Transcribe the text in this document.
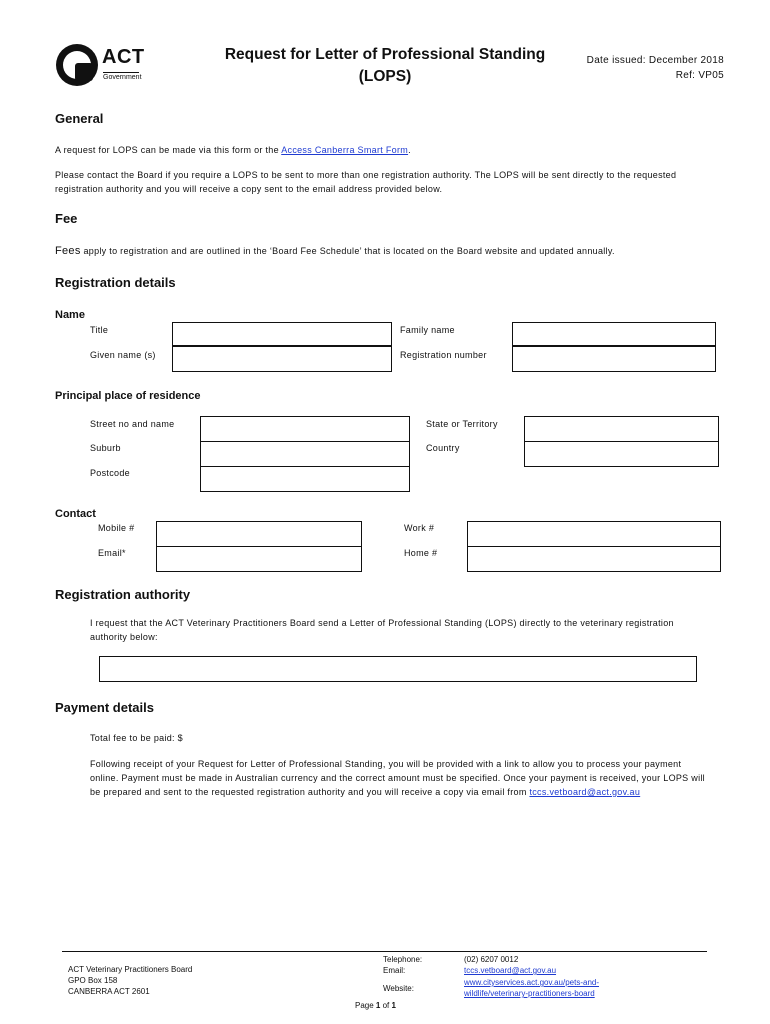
ACT
Government
Request for Letter of Professional Standing
(LOPS)
Date issued: December 2018
Ref: VP05
General
A request for LOPS can be made via this form or the Access Canberra Smart Form.
Please contact the Board if you require a LOPS to be sent to more than one registration authority. The LOPS will be sent directly to the requested registration authority and you will receive a copy sent to the email address provided below.
Fee
Fees apply to registration and are outlined in the ‘Board Fee Schedule’ that is located on the Board website and updated annually.
Registration details
Name
Title
Given name (s)
Family name
Registration number
Principal place of residence
Street no and name
Suburb
Postcode
State or Territory
Country
Contact
Mobile #
Email*
Work #
Home #
Registration authority
I request that the ACT Veterinary Practitioners Board send a Letter of Professional Standing (LOPS) directly to the veterinary registration authority below:
Payment details
Total fee to be paid: $
Following receipt of your Request for Letter of Professional Standing, you will be provided with a link to allow you to process your payment online. Payment must be made in Australian currency and the correct amount must be specified. Once your payment is received, your LOPS will be prepared and sent to the requested registration authority and you will receive a copy via email from tccs.vetboard@act.gov.au
ACT Veterinary Practitioners Board
GPO Box 158
CANBERRA ACT 2601
Telephone:
Email:
Website:
(02) 6207 0012
tccs.vetboard@act.gov.au
www.cityservices.act.gov.au/pets-and-
wildlife/veterinary-practitioners-board
Page 1 of 1
